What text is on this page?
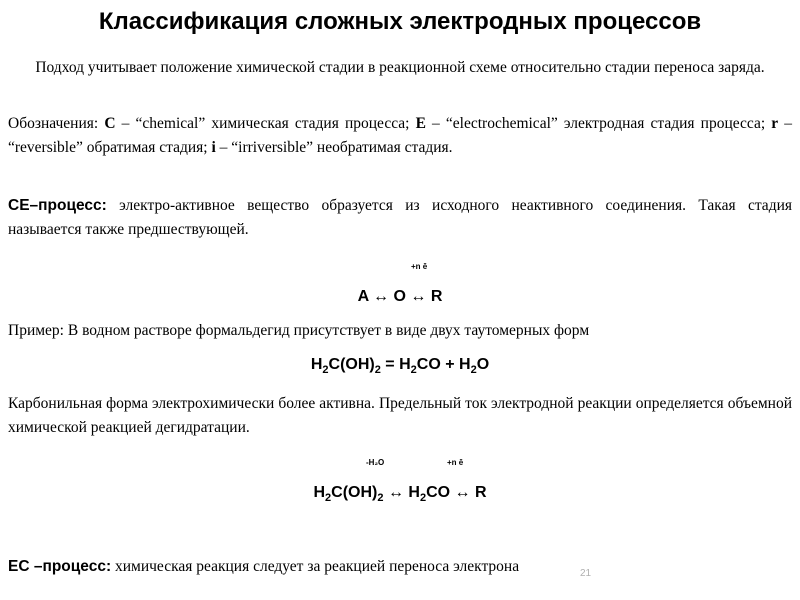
Классификация сложных электродных процессов
Подход учитывает положение химической стадии в реакционной схеме относительно стадии переноса заряда.
Обозначения: C – “chemical” химическая стадия процесса; E – “electrochemical” электродная стадия процесса; r – “reversible” обратимая стадия; i – “irriversible” необратимая стадия.
CE–процесс: электро-активное вещество образуется из исходного неактивного соединения. Такая стадия называется также предшествующей.
+n ē
A ↔ O ↔ R
Пример: В водном растворе формальдегид присутствует в виде двух таутомерных форм
$H_2C(OH)_2 = H_2CO + H_2O$
Карбонильная форма электрохимически более активна. Предельный ток электродной реакции определяется объемной химической реакцией дегидратации.
-H₂O	+n ē
$H_2C(OH)_2$ ↔ $H_2CO$ ↔ R
21
EC –процесс: химическая реакция следует за реакцией переноса электрона
